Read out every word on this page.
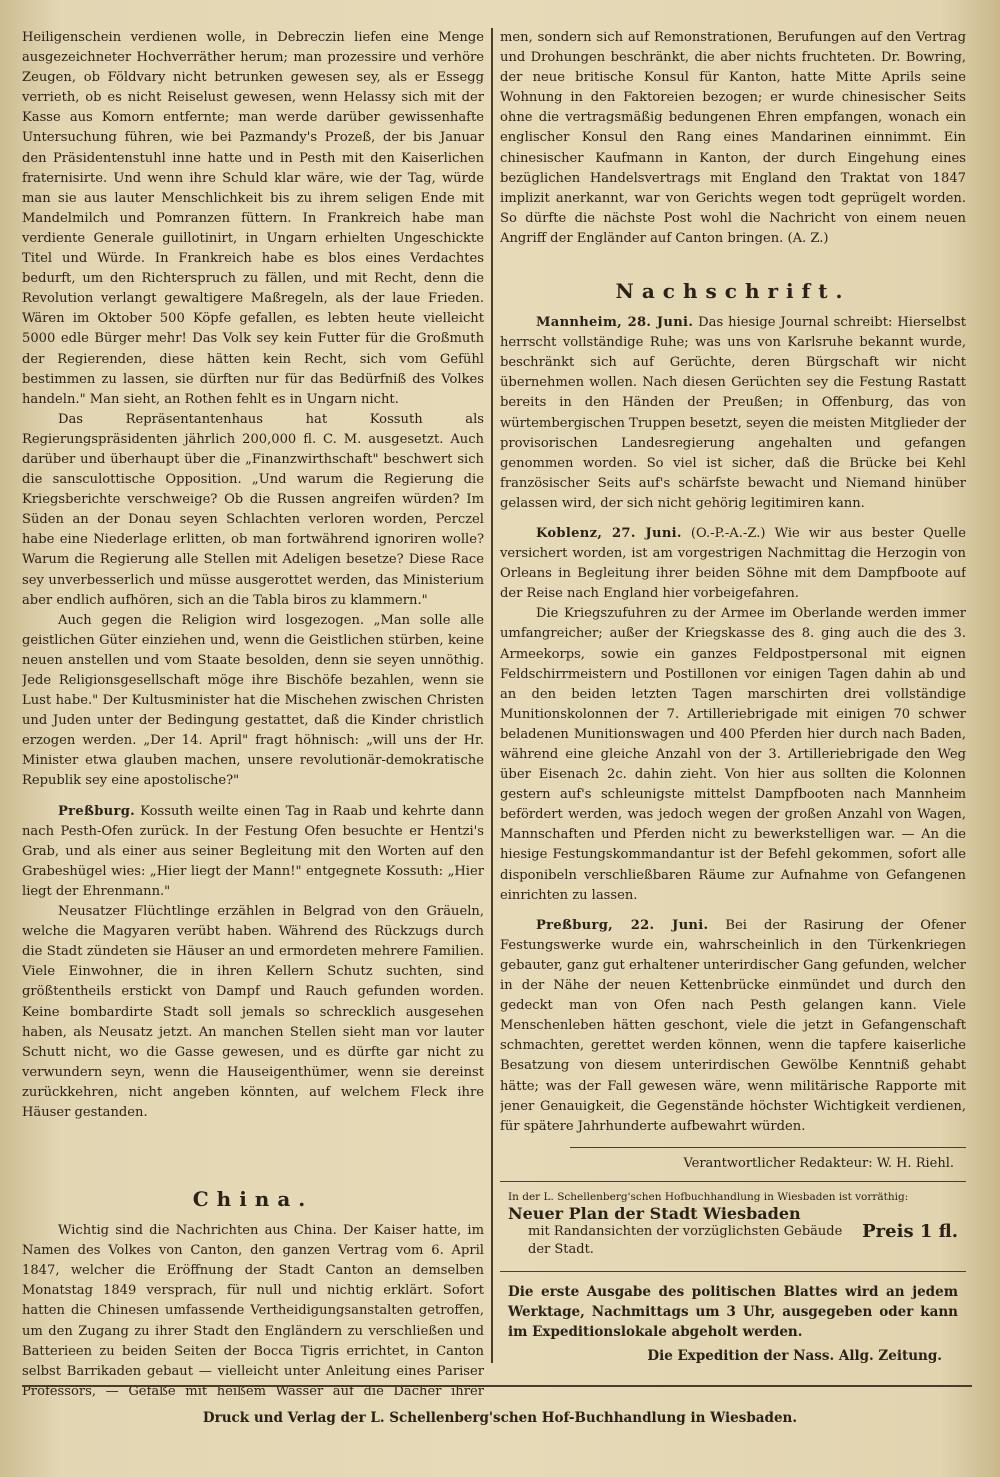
Heiligenschein verdienen wolle, in Debreczin liefen eine Menge ausgezeichneter Hochverräther herum; man prozessire und verhöre Zeugen, ob Földvary nicht betrunken gewesen sey, als er Essegg verrieth, ob es nicht Reiselust gewesen, wenn Helassy sich mit der Kasse aus Komorn entfernte; man werde darüber gewissenhafte Untersuchung führen, wie bei Pazmandy's Prozeß, der bis Januar den Präsidentenstuhl inne hatte und in Pesth mit den Kaiserlichen fraternisirte. Und wenn ihre Schuld klar wäre, wie der Tag, würde man sie aus lauter Menschlichkeit bis zu ihrem seligen Ende mit Mandelmilch und Pomranzen füttern. In Frankreich habe man verdiente Generale guillotinirt, in Ungarn erhielten Ungeschickte Titel und Würde. In Frankreich habe es blos eines Verdachtes bedurft, um den Richterspruch zu fällen, und mit Recht, denn die Revolution verlangt gewaltigere Maßregeln, als der laue Frieden. Wären im Oktober 500 Köpfe gefallen, es lebten heute vielleicht 5000 edle Bürger mehr! Das Volk sey kein Futter für die Großmuth der Regierenden, diese hätten kein Recht, sich vom Gefühl bestimmen zu lassen, sie dürften nur für das Bedürfniß des Volkes handeln." Man sieht, an Rothen fehlt es in Ungarn nicht.

Das Repräsentantenhaus hat Kossuth als Regierungspräsidenten jährlich 200,000 fl. C. M. ausgesetzt. Auch darüber und überhaupt über die „Finanzwirthschaft" beschwert sich die sansculottische Opposition. „Und warum die Regierung die Kriegsberichte verschweige? Ob die Russen angreifen würden? Im Süden an der Donau seyen Schlachten verloren worden, Perczel habe eine Niederlage erlitten, ob man fortwährend ignoriren wolle? Warum die Regierung alle Stellen mit Adeligen besetze? Diese Race sey unverbesserlich und müsse ausgerottet werden, das Ministerium aber endlich aufhören, sich an die Tabla biros zu klammern."

Auch gegen die Religion wird losgezogen. „Man solle alle geistlichen Güter einziehen und, wenn die Geistlichen stürben, keine neuen anstellen und vom Staate besolden, denn sie seyen unnöthig. Jede Religionsgesellschaft möge ihre Bischöfe bezahlen, wenn sie Lust habe." Der Kultusminister hat die Mischehen zwischen Christen und Juden unter der Bedingung gestattet, daß die Kinder christlich erzogen werden. „Der 14. April" fragt höhnisch: „will uns der Hr. Minister etwa glauben machen, unsere revolutionär-demokratische Republik sey eine apostolische?"

Preßburg. Kossuth weilte einen Tag in Raab und kehrte dann nach Pesth-Ofen zurück. In der Festung Ofen besuchte er Hentzi's Grab, und als einer aus seiner Begleitung mit den Worten auf den Grabeshügel wies: „Hier liegt der Mann!" entgegnete Kossuth: „Hier liegt der Ehrenmann."

Neusatzer Flüchtlinge erzählen in Belgrad von den Gräueln, welche die Magyaren verübt haben. Während des Rückzugs durch die Stadt zündeten sie Häuser an und ermordeten mehrere Familien. Viele Einwohner, die in ihren Kellern Schutz suchten, sind größtentheils erstickt von Dampf und Rauch gefunden worden. Keine bombardirte Stadt soll jemals so schrecklich ausgesehen haben, als Neusatz jetzt. An manchen Stellen sieht man vor lauter Schutt nicht, wo die Gasse gewesen, und es dürfte gar nicht zu verwundern seyn, wenn die Hauseigenthümer, wenn sie dereinst zurückkehren, nicht angeben könnten, auf welchem Fleck ihre Häuser gestanden.

China.

Wichtig sind die Nachrichten aus China. Der Kaiser hatte, im Namen des Volkes von Canton, den ganzen Vertrag vom 6. April 1847, welcher die Eröffnung der Stadt Canton an demselben Monatstag 1849 versprach, für null und nichtig erklärt. Sofort hatten die Chinesen umfassende Vertheidigungsanstalten getroffen, um den Zugang zu ihrer Stadt den Engländern zu verschließen und Batterieen zu beiden Seiten der Bocca Tigris errichtet, in Canton selbst Barrikaden gebaut — vielleicht unter Anleitung eines Pariser Professors, — Gefäße mit heißem Wasser auf die Dächer ihrer

men, sondern sich auf Remonstrationen, Berufungen auf den Vertrag und Drohungen beschränkt, die aber nichts fruchteten. Dr. Bowring, der neue britische Konsul für Kanton, hatte Mitte Aprils seine Wohnung in den Faktoreien bezogen; er wurde chinesischer Seits ohne die vertragsmäßig bedungenen Ehren empfangen, wonach ein englischer Konsul den Rang eines Mandarinen einnimmt. Ein chinesischer Kaufmann in Kanton, der durch Eingehung eines bezüglichen Handelsvertrags mit England den Traktat von 1847 implizit anerkannt, war von Gerichts wegen todt geprügelt worden. So dürfte die nächste Post wohl die Nachricht von einem neuen Angriff der Engländer auf Canton bringen. (A. Z.)

Nachschrift.

Mannheim, 28. Juni. Das hiesige Journal schreibt: Hierselbst herrscht vollständige Ruhe; was uns von Karlsruhe bekannt wurde, beschränkt sich auf Gerüchte, deren Bürgschaft wir nicht übernehmen wollen. Nach diesen Gerüchten sey die Festung Rastatt bereits in den Händen der Preußen; in Offenburg, das von würtembergischen Truppen besetzt, seyen die meisten Mitglieder der provisorischen Landesregierung angehalten und gefangen genommen worden. So viel ist sicher, daß die Brücke bei Kehl französischer Seits auf's schärfste bewacht und Niemand hinüber gelassen wird, der sich nicht gehörig legitimiren kann.

Koblenz, 27. Juni. (O.-P.-A.-Z.) Wie wir aus bester Quelle versichert worden, ist am vorgestrigen Nachmittag die Herzogin von Orleans in Begleitung ihrer beiden Söhne mit dem Dampfboote auf der Reise nach England hier vorbeigefahren.

Die Kriegszufuhren zu der Armee im Oberlande werden immer umfangreicher; außer der Kriegskasse des 8. ging auch die des 3. Armeekorps, sowie ein ganzes Feldpostpersonal mit eignen Feldschirrmeistern und Postillonen vor einigen Tagen dahin ab und an den beiden letzten Tagen marschirten drei vollständige Munitionskolonnen der 7. Artilleriebrigade mit einigen 70 schwer beladenen Munitionswagen und 400 Pferden hier durch nach Baden, während eine gleiche Anzahl von der 3. Artilleriebrigade den Weg über Eisenach 2c. dahin zieht. Von hier aus sollten die Kolonnen gestern auf's schleunigste mittelst Dampfbooten nach Mannheim befördert werden, was jedoch wegen der großen Anzahl von Wagen, Mannschaften und Pferden nicht zu bewerkstelligen war. — An die hiesige Festungskommandantur ist der Befehl gekommen, sofort alle disponibeln verschließbaren Räume zur Aufnahme von Gefangenen einrichten zu lassen.

Preßburg, 22. Juni. Bei der Rasirung der Ofener Festungswerke wurde ein, wahrscheinlich in den Türkenkriegen gebauter, ganz gut erhaltener unterirdischer Gang gefunden, welcher in der Nähe der neuen Kettenbrücke einmündet und durch den gedeckt man von Ofen nach Pesth gelangen kann. Viele Menschenleben hätten geschont, viele die jetzt in Gefangenschaft schmachten, gerettet werden können, wenn die tapfere kaiserliche Besatzung von diesem unterirdischen Gewölbe Kenntniß gehabt hätte; was der Fall gewesen wäre, wenn militärische Rapporte mit jener Genauigkeit, die Gegenstände höchster Wichtigkeit verdienen, für spätere Jahrhunderte aufbewahrt würden.

Verantwortlicher Redakteur: W. H. Riehl.

In der L. Schellenberg'schen Hofbuchhandlung in Wiesbaden ist vorräthig:

Neuer Plan der Stadt Wiesbaden

Preis 1 fl.
mit Randansichten der vorzüglichsten Gebäude der Stadt.

Die erste Ausgabe des politischen Blattes wird an jedem Werktage, Nachmittags um 3 Uhr, ausgegeben oder kann im Expeditionslokale abgeholt werden.

Die Expedition der Nass. Allg. Zeitung.

Druck und Verlag der L. Schellenberg'schen Hof-Buchhandlung in Wiesbaden.
